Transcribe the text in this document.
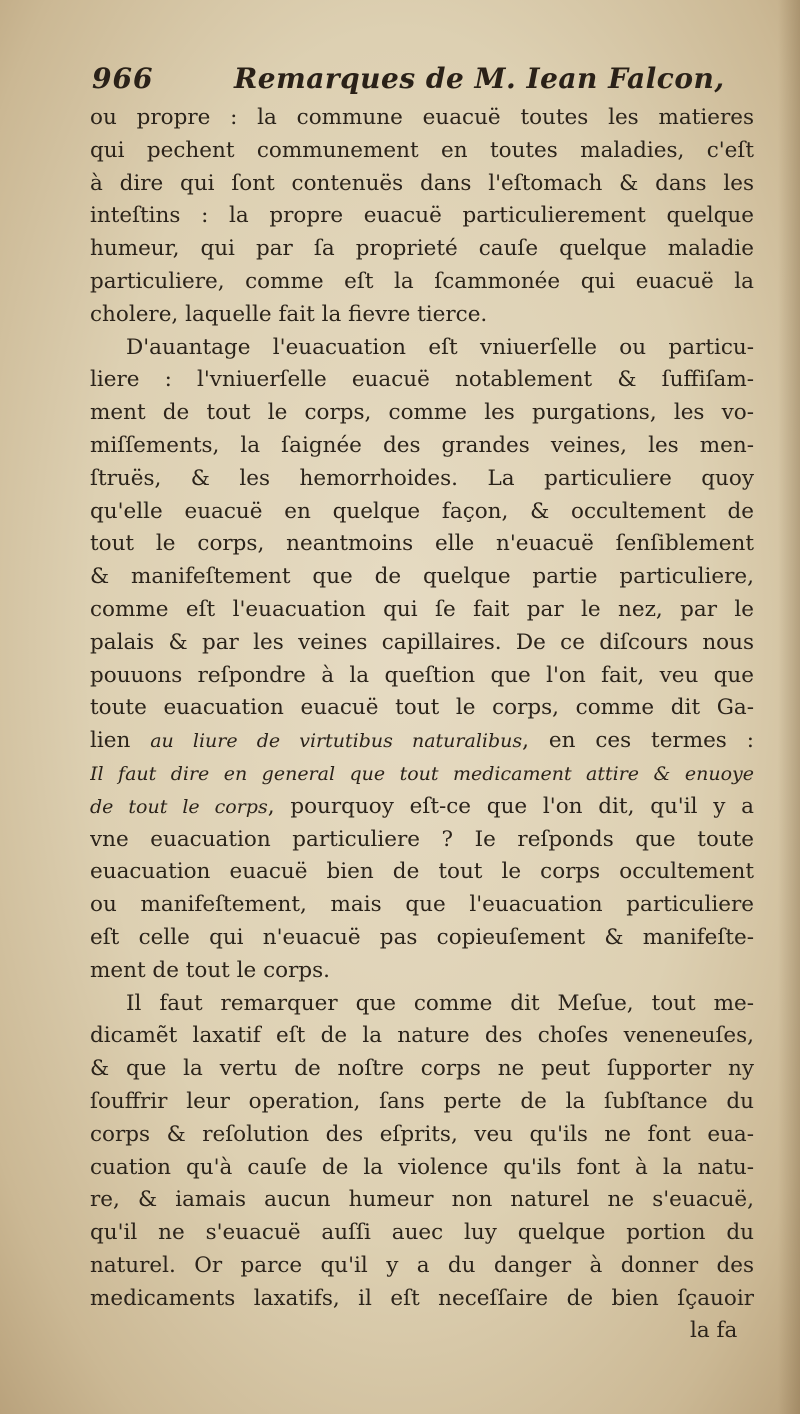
966	Remarques de M. Iean Falcon,
ou propre : la commune euacuë toutes les matieres
qui pechent communement en toutes maladies, c'eſt
à dire qui ſont contenuës dans l'eſtomach & dans les
inteſtins : la propre euacuë particulierement quelque
humeur, qui par ſa proprieté cauſe quelque maladie
particuliere, comme eſt la ſcammonée qui euacuë la
cholere, laquelle fait la fievre tierce.
D'auantage l'euacuation eſt vniuerſelle ou particu-
liere : l'vniuerſelle euacuë notablement & ſuffiſam-
ment de tout le corps, comme les purgations, les vo-
miſſements, la ſaignée des grandes veines, les men-
ſtruës, & les hemorrhoides. La particuliere quoy
qu'elle euacuë en quelque façon, & occultement de
tout le corps, neantmoins elle n'euacuë ſenſiblement
& manifeſtement que de quelque partie particuliere,
comme eſt l'euacuation qui ſe fait par le nez, par le
palais & par les veines capillaires. De ce diſcours nous
pouuons reſpondre à la queſtion que l'on fait, veu que
toute euacuation euacuë tout le corps, comme dit Ga-
lien au liure de virtutibus naturalibus, en ces termes :
Il faut dire en general que tout medicament attire & enuoye
de tout le corps, pourquoy eſt-ce que l'on dit, qu'il y a
vne euacuation particuliere ? Ie reſponds que toute
euacuation euacuë bien de tout le corps occultement
ou manifeſtement, mais que l'euacuation particuliere
eſt celle qui n'euacuë pas copieuſement & manifeſte-
ment de tout le corps.
Il faut remarquer que comme dit Meſue, tout me-
dicamẽt laxatif eſt de la nature des choſes veneneuſes,
& que la vertu de noſtre corps ne peut ſupporter ny
ſouffrir leur operation, ſans perte de la ſubſtance du
corps & reſolution des eſprits, veu qu'ils ne font eua-
cuation qu'à cauſe de la violence qu'ils font à la natu-
re, & iamais aucun humeur non naturel ne s'euacuë,
qu'il ne s'euacuë auſſi auec luy quelque portion du
naturel. Or parce qu'il y a du danger à donner des
medicaments laxatifs, il eſt neceſſaire de bien ſçauoir
la fa
